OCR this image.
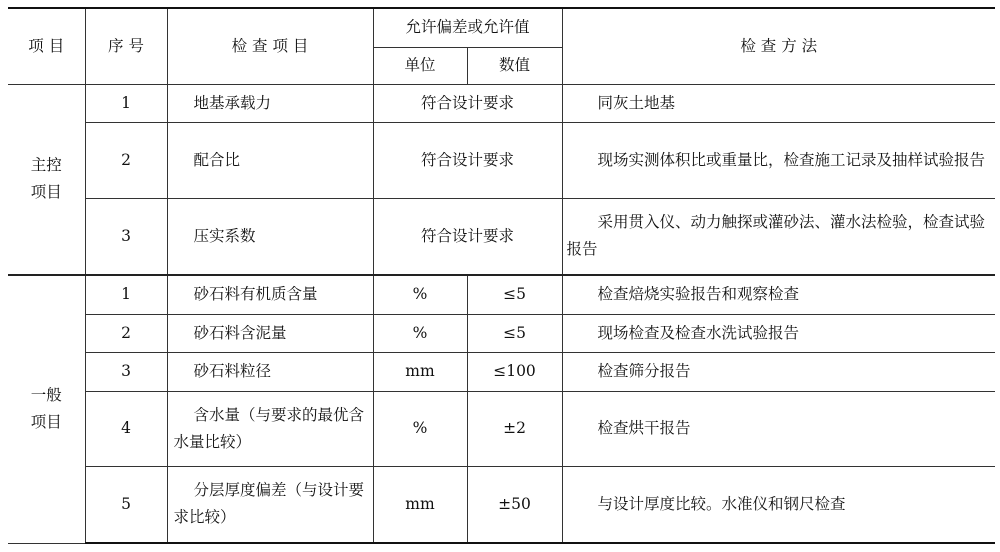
项 目	序 号	检 查 项 目	允许偏差或允许值		检 查 方 法
			单位	数值	
主控项目	1	地基承载力	符合设计要求		同灰土地基
	2	配合比	符合设计要求		现场实测体积比或重量比，检查施工记录及抽样试验报告
	3	压实系数	符合设计要求		采用贯入仪、动力触探或灌砂法、灌水法检验，检查试验报告
一般项目	1	砂石料有机质含量	%	≤5	检查焙烧实验报告和观察检查
	2	砂石料含泥量	%	≤5	现场检查及检查水洗试验报告
	3	砂石料粒径	mm	≤100	检查筛分报告
	4	含水量（与要求的最优含水量比较）	%	±2	检查烘干报告
	5	分层厚度偏差（与设计要求比较）	mm	±50	与设计厚度比较。水准仪和钢尺检查
